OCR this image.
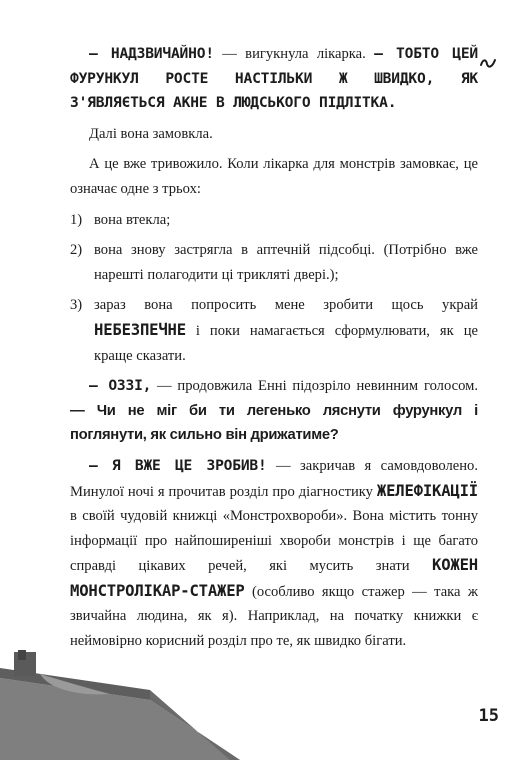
— НАДЗВИЧАЙНО! — вигукнула лікарка. — ТОБТО ЦЕЙ ФУРУНКУЛ РОСТЕ НАСТІЛЬКИ Ж ШВИДКО, ЯК З'ЯВЛЯЄТЬСЯ АКНЕ В ЛЮДСЬКОГО ПІДЛІТКА.

Далі вона замовкла.

А це вже тривожило. Коли лікарка для монстрів замовкає, це означає одне з трьох:

1) вона втекла;
2) вона знову застрягла в аптечній підсобці. (Потрібно вже нарешті полагодити ці трикляті двері.);
3) зараз вона попросить мене зробити щось украй НЕБЕЗПЕЧНЕ і поки намагається сформулювати, як це краще сказати.

— ОЗЗІ, — продовжила Енні підозріло невинним голосом. — Чи не міг би ти легенько ляснути фурункул і поглянути, як сильно він дрижатиме?

— Я ВЖЕ ЦЕ ЗРОБИВ! — закричав я самовдоволено. Минулої ночі я прочитав розділ про діагностику ЖЕЛЕФІКАЦІЇ в своїй чудовій книжці «Монстрохвороби». Вона містить тонну інформації про найпоширеніші хвороби монстрів і ще багато справді цікавих речей, які мусить знати КОЖЕН МОНСТРОЛІКАР-СТАЖЕР (особливо якщо стажер — така ж звичайна людина, як я). Наприклад, на початку книжки є неймовірно корисний розділ про те, як швидко бігати.

15
